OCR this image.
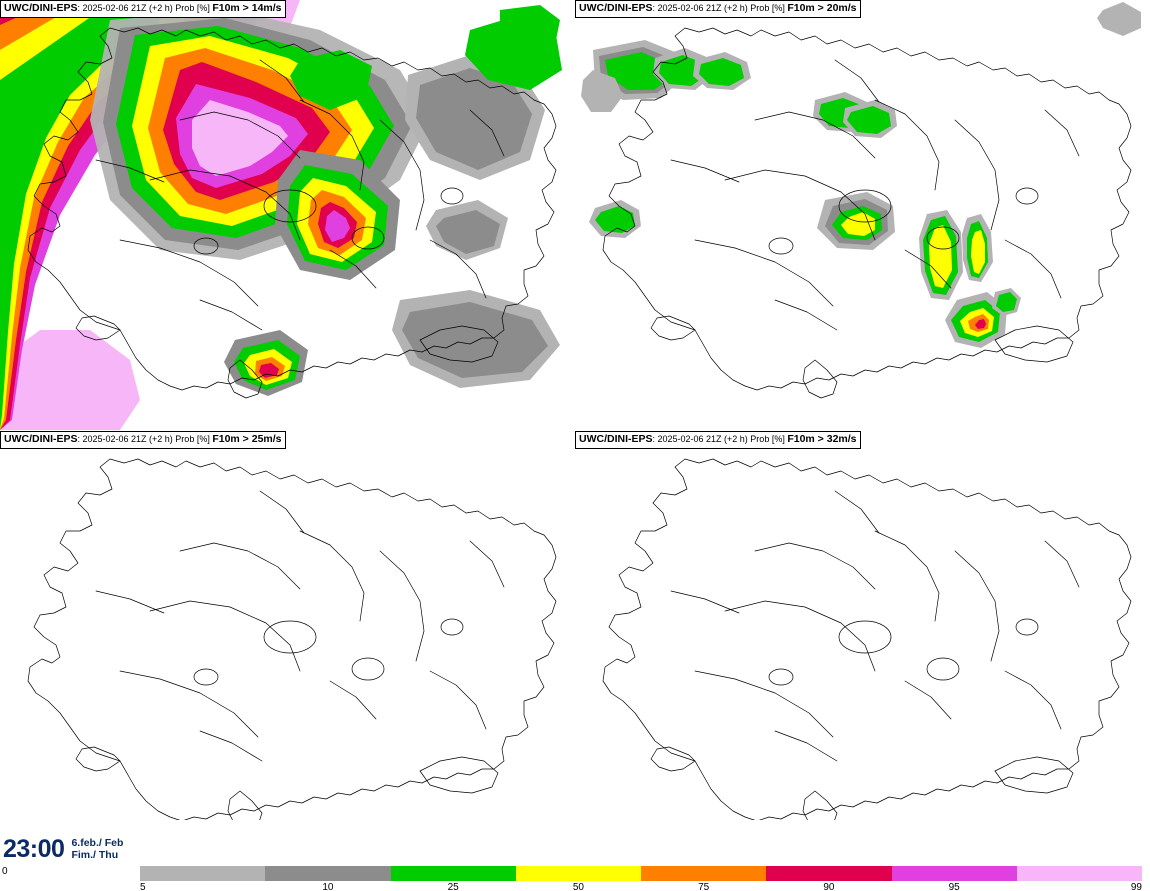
UWC/DINI-EPS: 2025-02-06 21Z (+2 h) Prob [%] F10m > 14m/s	UWC/DINI-EPS: 2025-02-06 21Z (+2 h) Prob [%] F10m > 20m/s
UWC/DINI-EPS: 2025-02-06 21Z (+2 h) Prob [%] F10m > 25m/s	UWC/DINI-EPS: 2025-02-06 21Z (+2 h) Prob [%] F10m > 32m/s
23:00 6.feb./ Feb
Fim./ Thu
0
5	10	25	50	75	90	95	99
